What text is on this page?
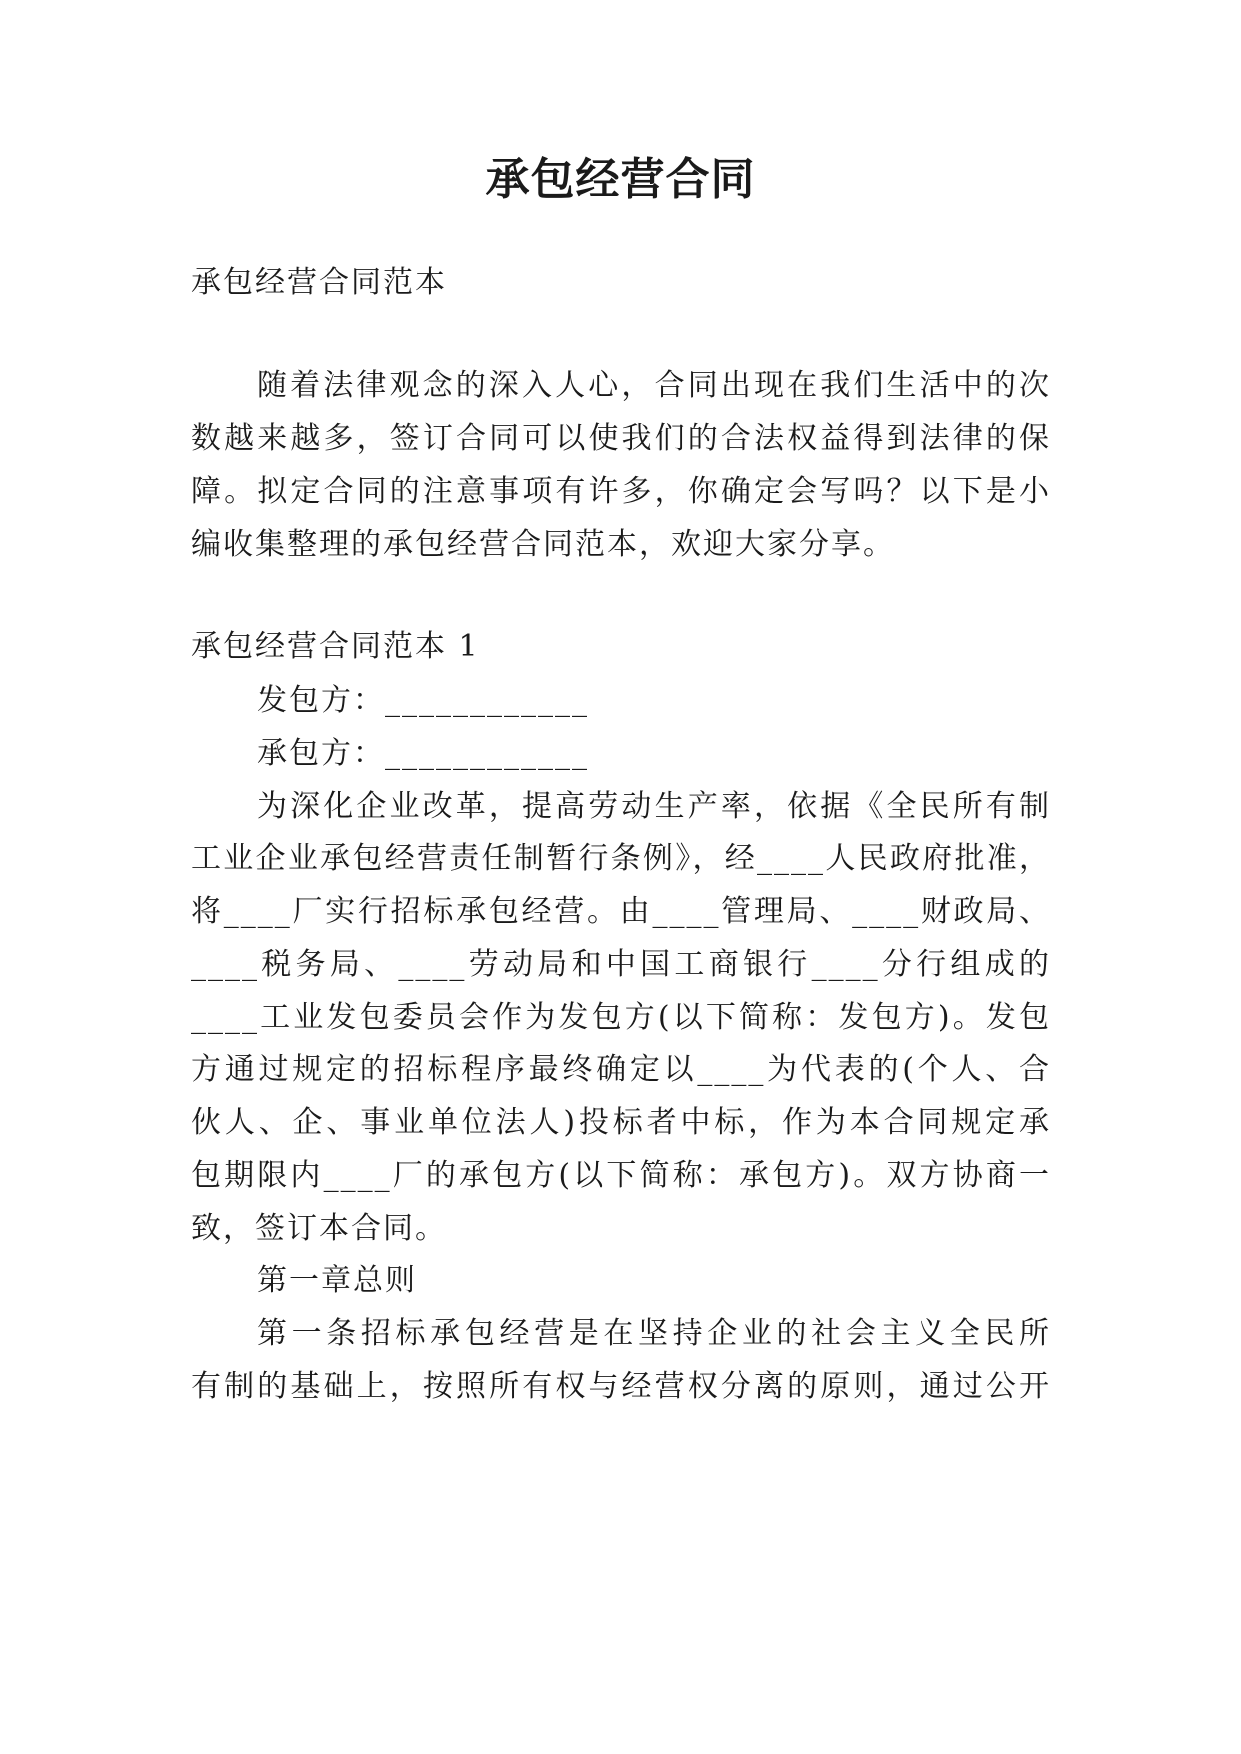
承包经营合同
承包经营合同范本
随着法律观念的深入人心，合同出现在我们生活中的次
数越来越多，签订合同可以使我们的合法权益得到法律的保
障。拟定合同的注意事项有许多，你确定会写吗？以下是小
编收集整理的承包经营合同范本，欢迎大家分享。
承包经营合同范本 1
发包方：____________
承包方：____________
为深化企业改革，提高劳动生产率，依据《全民所有制
工业企业承包经营责任制暂行条例》，经____人民政府批准，
将____厂实行招标承包经营。由____管理局、____财政局、
____税务局、____劳动局和中国工商银行____分行组成的
____工业发包委员会作为发包方(以下简称：发包方)。发包
方通过规定的招标程序最终确定以____为代表的(个人、合
伙人、企、事业单位法人)投标者中标，作为本合同规定承
包期限内____厂的承包方(以下简称：承包方)。双方协商一
致，签订本合同。
第一章总则
第一条招标承包经营是在坚持企业的社会主义全民所
有制的基础上，按照所有权与经营权分离的原则，通过公开
